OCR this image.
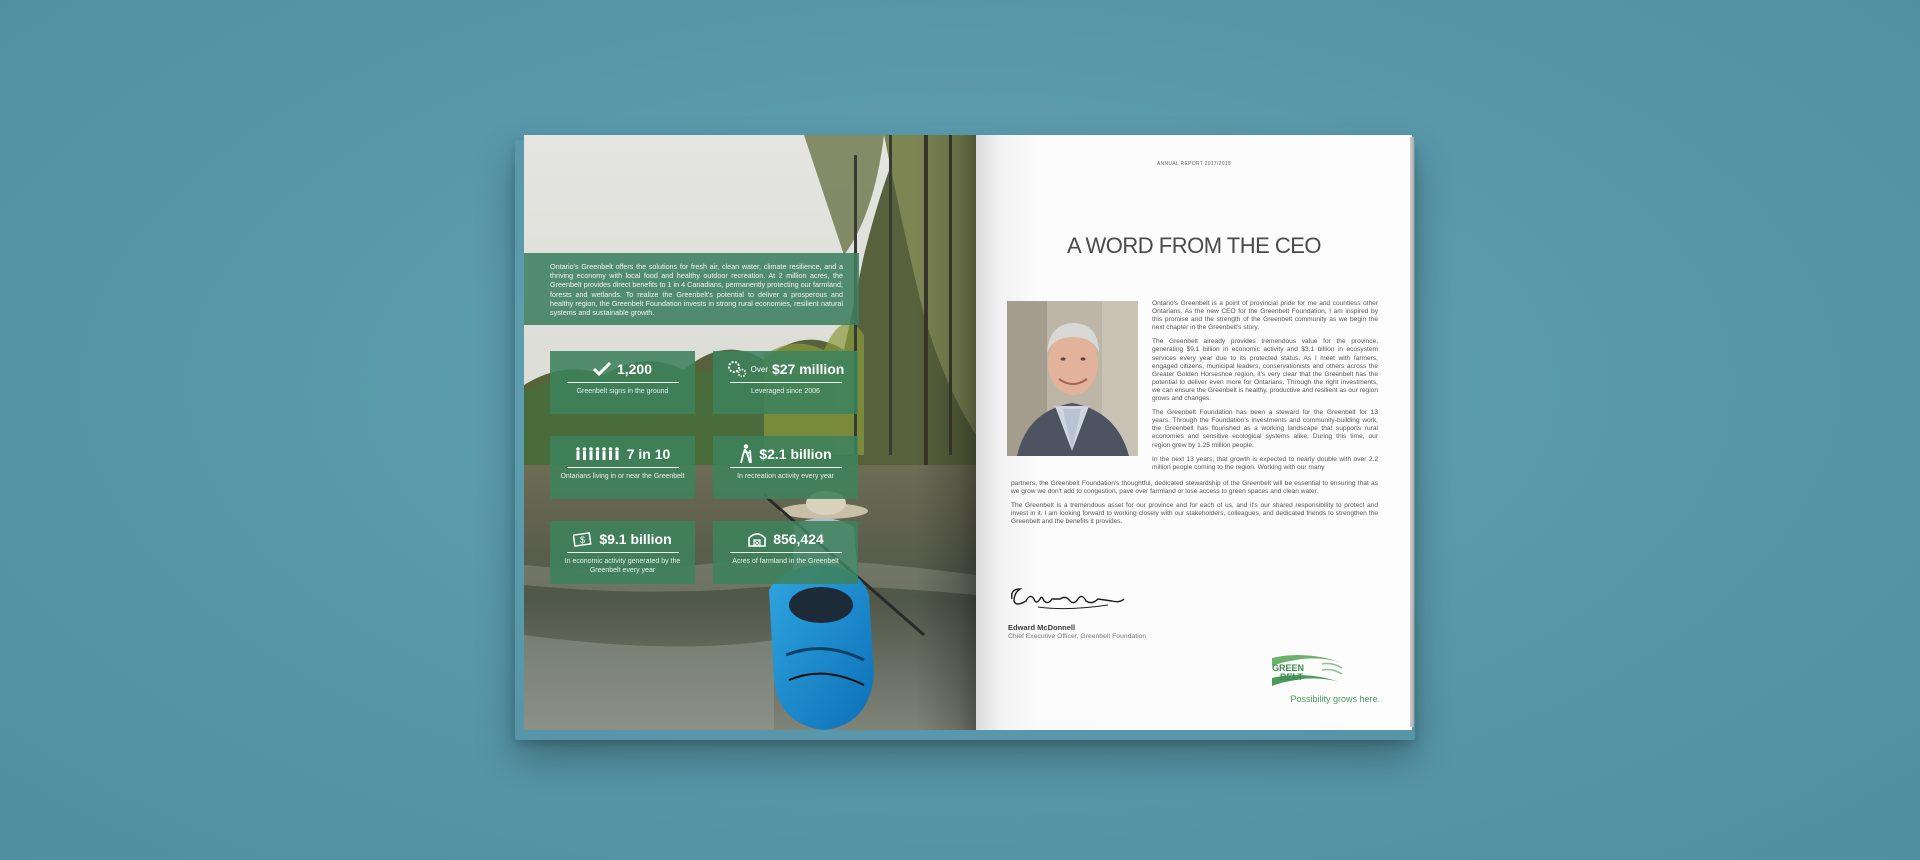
Ontario's Greenbelt offers the solutions for fresh air, clean water, climate resilience, and a thriving economy with local food and healthy outdoor recreation. At 2 million acres, the Greenbelt provides direct benefits to 1 in 4 Canadians, permanently protecting our farmland, forests and wetlands. To realize the Greenbelt's potential to deliver a prosperous and healthy region, the Greenbelt Foundation invests in strong rural economies, resilient natural systems and sustainable growth.
1,200
Greenbelt signs in the ground
Over $27 million
Leveraged since 2006
7 in 10
Ontarians living in or near the Greenbelt
$2.1 billion
In recreation activity every year
$ $9.1 billion
In economic activity generated by the Greenbelt every year
856,424
Acres of farmland in the Greenbelt
ANNUAL REPORT 2017/2018
A WORD FROM THE CEO

Ontario's Greenbelt is a point of provincial pride for me and countless other Ontarians. As the new CEO for the Greenbelt Foundation, I am inspired by this promise and the strength of the Greenbelt community as we begin the next chapter in the Greenbelt's story.

The Greenbelt already provides tremendous value for the province, generating $9.1 billion in economic activity and $3.1 billion in ecosystem services every year due to its protected status. As I meet with farmers, engaged citizens, municipal leaders, conservationists and others across the Greater Golden Horseshoe region, it's very clear that the Greenbelt has the potential to deliver even more for Ontarians. Through the right investments, we can ensure the Greenbelt is healthy, productive and resilient as our region grows and changes.

The Greenbelt Foundation has been a steward for the Greenbelt for 13 years. Through the Foundation's investments and community-building work, the Greenbelt has flourished as a working landscape that supports rural economies and sensitive ecological systems alike. During this time, our region grew by 1.25 million people.

In the next 13 years, that growth is expected to nearly double with over 2.2 million people coming to the region. Working with our many

partners, the Greenbelt Foundation's thoughtful, dedicated stewardship of the Greenbelt will be essential to ensuring that as we grow we don't add to congestion, pave over farmland or lose access to green spaces and clean water.

The Greenbelt is a tremendous asset for our province and for each of us, and it's our shared responsibility to protect and invest in it. I am looking forward to working closely with our stakeholders, colleagues, and dedicated friends to strengthen the Greenbelt and the benefits it provides.

Edward McDonnell
Chief Executive Officer, Greenbelt Foundation
GREEN
BELT
Possibility grows here.
